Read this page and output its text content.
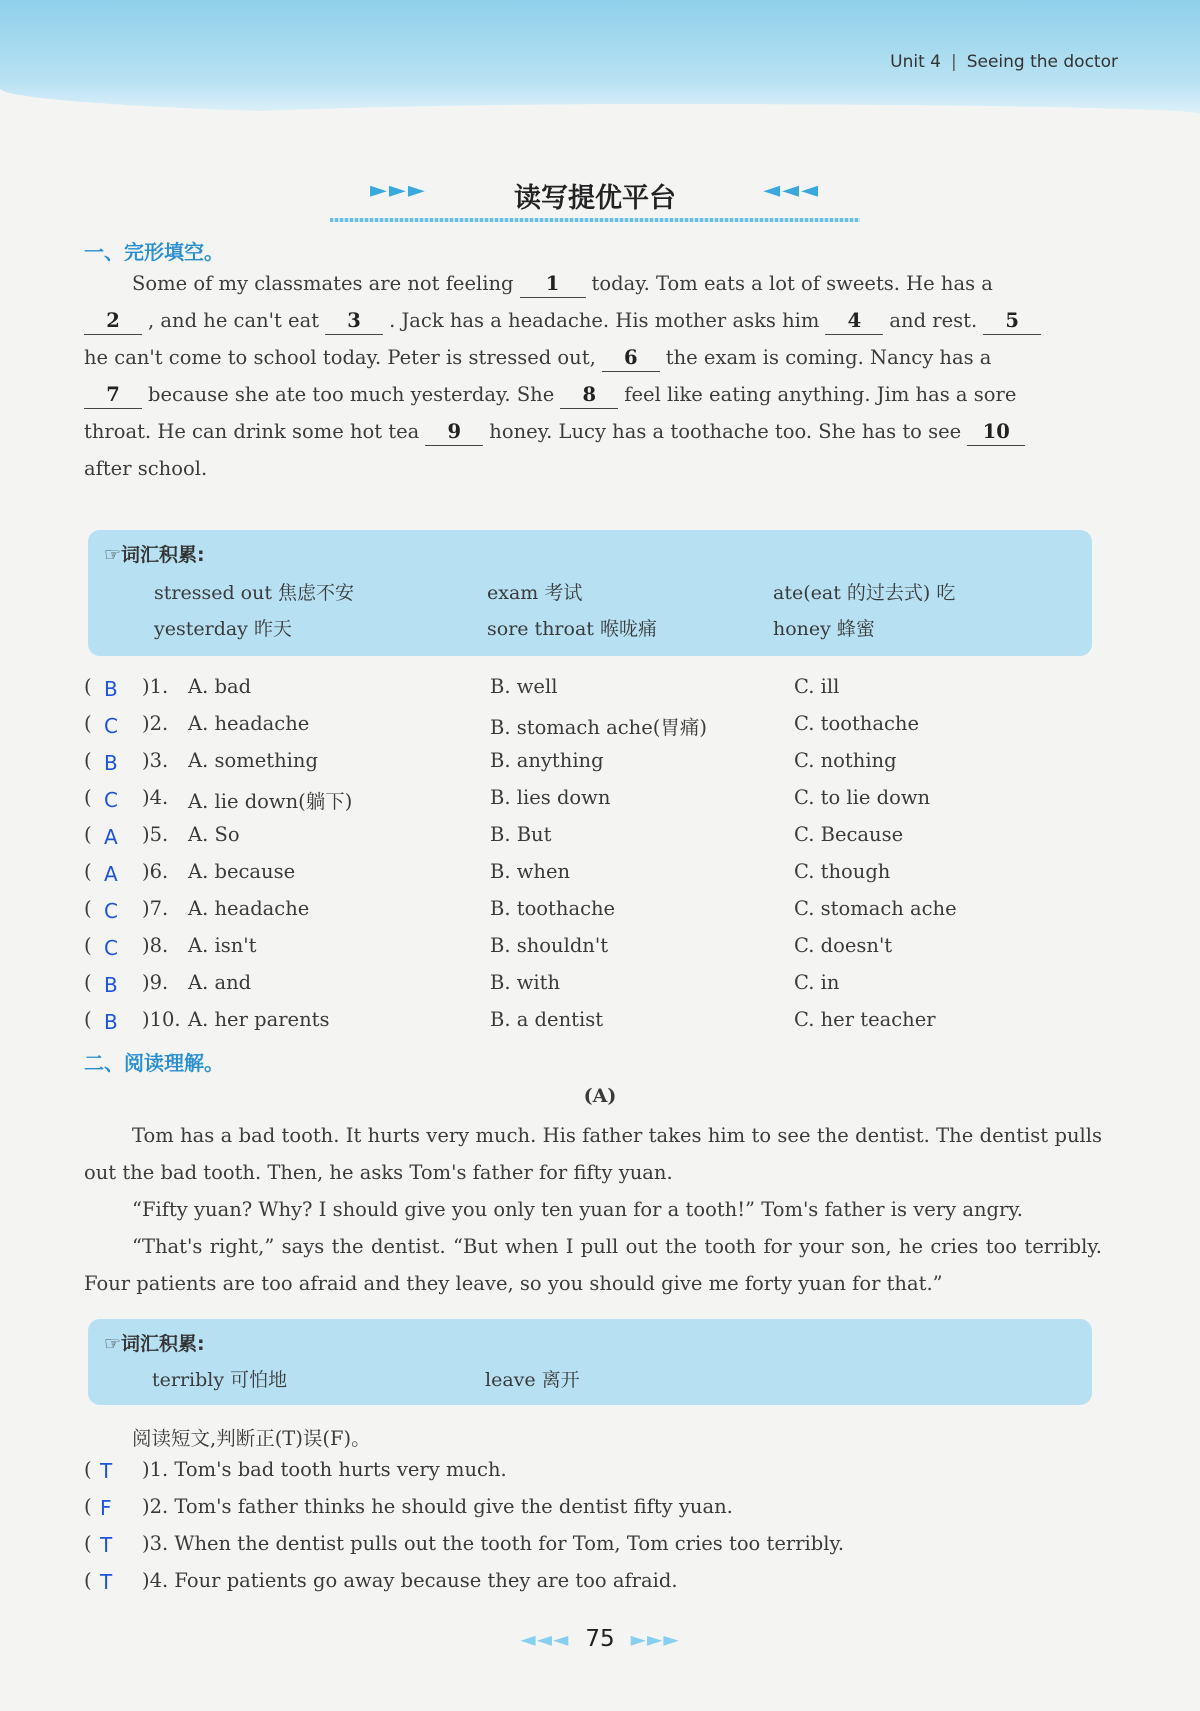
Unit 4 | Seeing the doctor
►►►	读写提优平台	◄◄◄
一、完形填空。
Some of my classmates are not feeling 1 today. Tom eats a lot of sweets. He has a
2 , and he can't eat 3 . Jack has a headache. His mother asks him 4 and rest. 5
he can't come to school today. Peter is stressed out, 6 the exam is coming. Nancy has a
7 because she ate too much yesterday. She 8 feel like eating anything. Jim has a sore
throat. He can drink some hot tea 9 honey. Lucy has a toothache too. She has to see 10
after school.
☞词汇积累:
stressed out 焦虑不安	exam 考试	ate(eat 的过去式) 吃
yesterday 昨天	sore throat 喉咙痛	honey 蜂蜜
( B )1. A. bad	B. well	C. ill
( C )2. A. headache	B. stomach ache(胃痛)	C. toothache
( B )3. A. something	B. anything	C. nothing
( C )4. A. lie down(躺下)	B. lies down	C. to lie down
( A )5. A. So	B. But	C. Because
( A )6. A. because	B. when	C. though
( C )7. A. headache	B. toothache	C. stomach ache
( C )8. A. isn't	B. shouldn't	C. doesn't
( B )9. A. and	B. with	C. in
( B )10. A. her parents	B. a dentist	C. her teacher
二、阅读理解。
(A)
Tom has a bad tooth. It hurts very much. His father takes him to see the dentist. The dentist pulls out the bad tooth. Then, he asks Tom's father for fifty yuan.
“Fifty yuan? Why? I should give you only ten yuan for a tooth!” Tom's father is very angry.
“That's right,” says the dentist. “But when I pull out the tooth for your son, he cries too terribly. Four patients are too afraid and they leave, so you should give me forty yuan for that.”
☞词汇积累:
terribly 可怕地	leave 离开
阅读短文,判断正(T)误(F)。
( T )1. Tom's bad tooth hurts very much.
( F )2. Tom's father thinks he should give the dentist fifty yuan.
( T )3. When the dentist pulls out the tooth for Tom, Tom cries too terribly.
( T )4. Four patients go away because they are too afraid.
◄◄◄ 75 ►►►
